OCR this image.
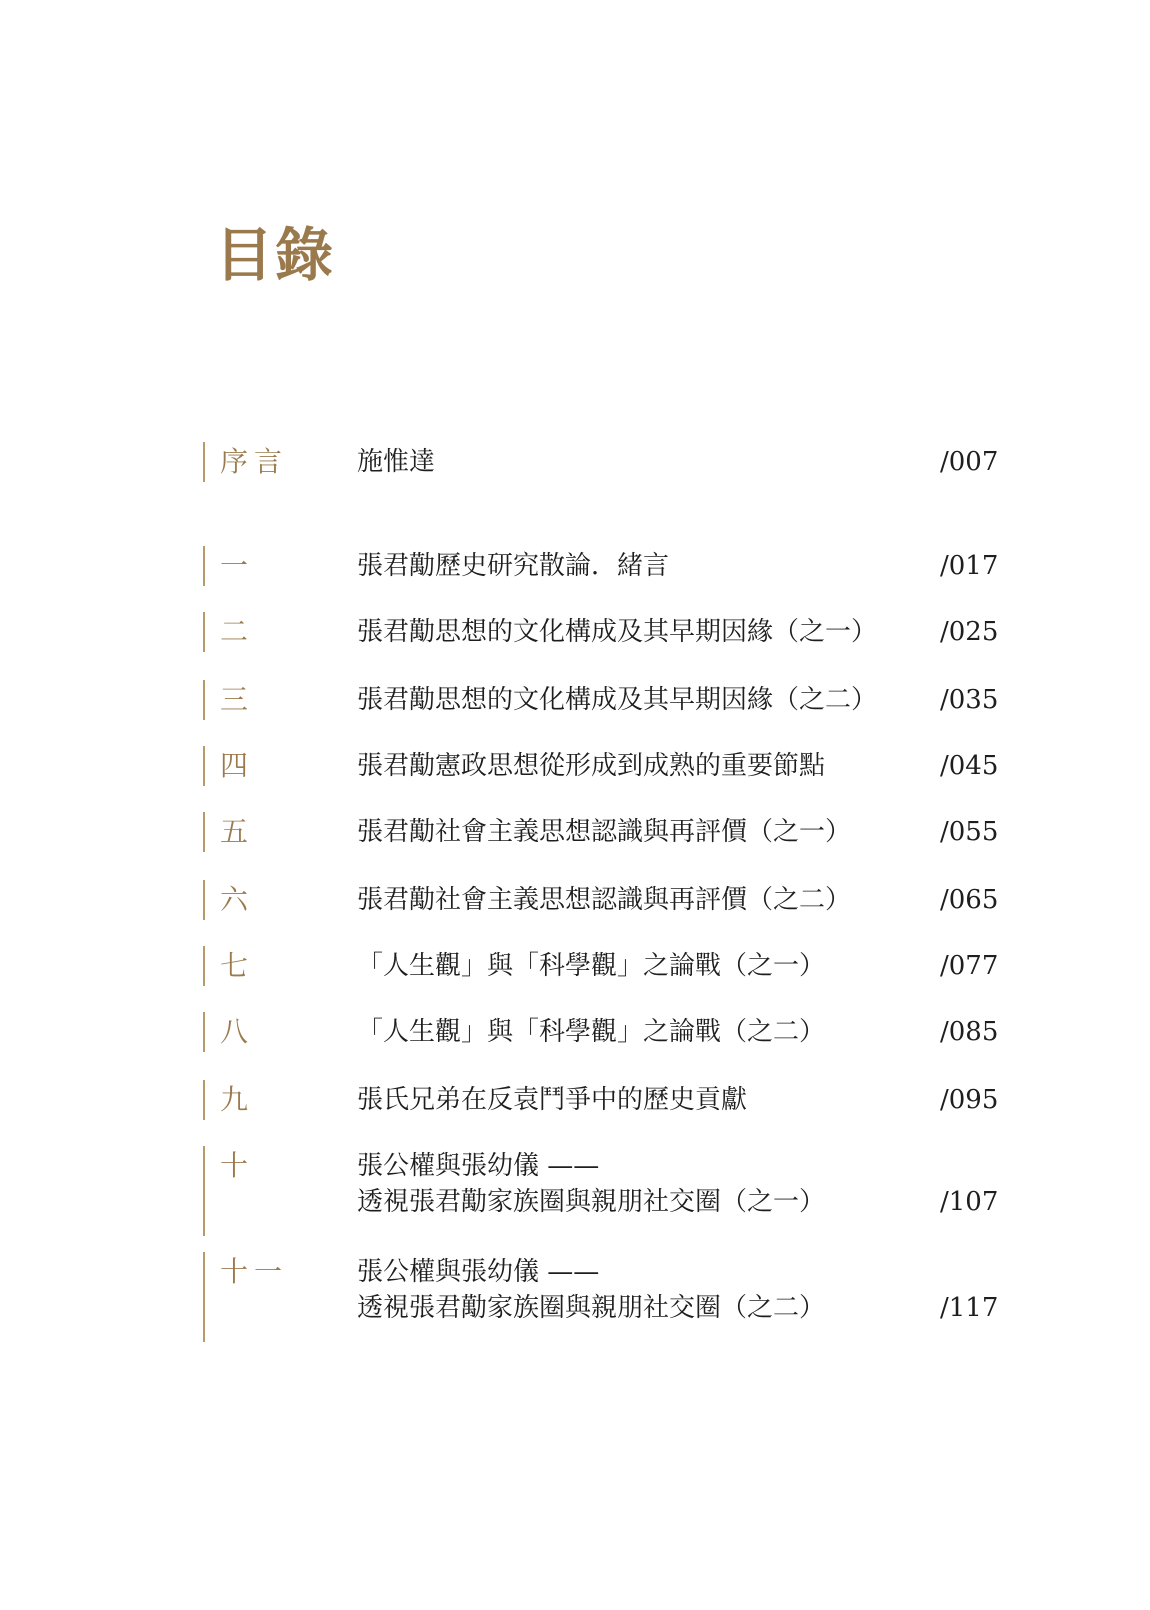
目錄
序言	施惟達	/007
一	張君勱歷史研究散論．緒言	/017
二	張君勱思想的文化構成及其早期因緣（之一） /025
三	張君勱思想的文化構成及其早期因緣（之二） /035
四	張君勱憲政思想從形成到成熟的重要節點	/045
五	張君勱社會主義思想認識與再評價（之一）	/055
六	張君勱社會主義思想認識與再評價（之二）	/065
七	「人生觀」與「科學觀」之論戰（之一）	/077
八	「人生觀」與「科學觀」之論戰（之二）	/085
九	張氏兄弟在反袁鬥爭中的歷史貢獻	/095
十	張公權與張幼儀 ——
透視張君勱家族圈與親朋社交圈（之一）	/107
十一	張公權與張幼儀 ——
透視張君勱家族圈與親朋社交圈（之二）	/117
